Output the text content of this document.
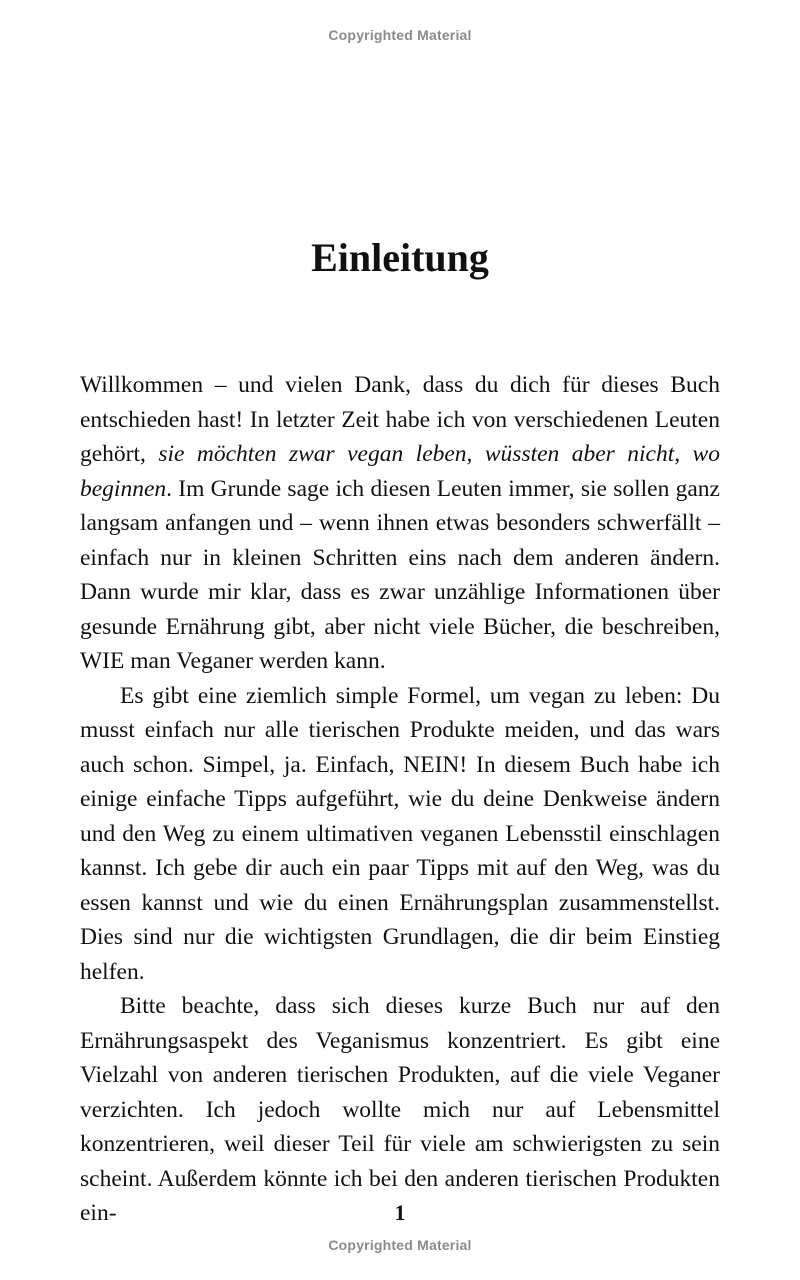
Copyrighted Material
Einleitung

Willkommen – und vielen Dank, dass du dich für dieses Buch entschieden hast! In letzter Zeit habe ich von verschiedenen Leuten gehört, sie möchten zwar vegan leben, wüssten aber nicht, wo beginnen. Im Grunde sage ich diesen Leuten immer, sie sollen ganz langsam anfangen und – wenn ihnen etwas besonders schwerfällt – einfach nur in kleinen Schritten eins nach dem anderen ändern. Dann wurde mir klar, dass es zwar unzählige Informationen über gesunde Ernährung gibt, aber nicht viele Bücher, die beschreiben, WIE man Veganer werden kann.

Es gibt eine ziemlich simple Formel, um vegan zu leben: Du musst einfach nur alle tierischen Produkte meiden, und das wars auch schon. Simpel, ja. Einfach, NEIN! In diesem Buch habe ich einige einfache Tipps aufgeführt, wie du deine Denkweise ändern und den Weg zu einem ultimativen veganen Lebensstil einschlagen kannst. Ich gebe dir auch ein paar Tipps mit auf den Weg, was du essen kannst und wie du einen Ernährungsplan zusammenstellst. Dies sind nur die wichtigsten Grundlagen, die dir beim Einstieg helfen.

Bitte beachte, dass sich dieses kurze Buch nur auf den Ernährungsaspekt des Veganismus konzentriert. Es gibt eine Vielzahl von anderen tierischen Produkten, auf die viele Veganer verzichten. Ich jedoch wollte mich nur auf Lebensmittel konzentrieren, weil dieser Teil für viele am schwierigsten zu sein scheint. Außerdem könnte ich bei den anderen tierischen Produkten ein-	1
Copyrighted Material
